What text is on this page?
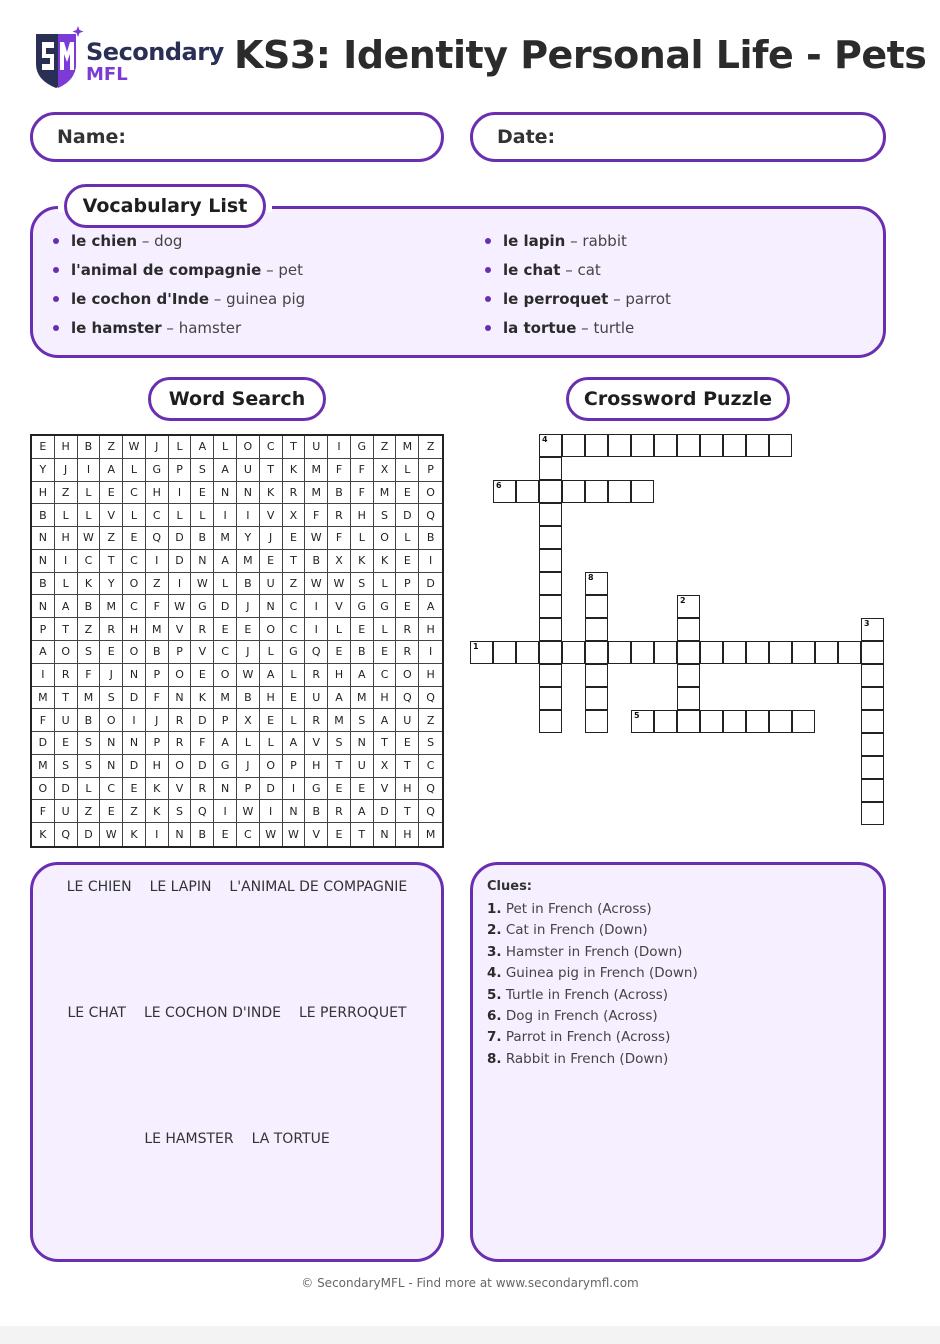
Secondary
MFL	KS3: Identity Personal Life - Pets
Name:	Date:
le chien – dog
l'animal de compagnie – pet
le cochon d'Inde – guinea pig
le hamster – hamster
le lapin – rabbit
le chat – cat
le perroquet – parrot
la tortue – turtle
Vocabulary List
Word Search
E	H	B	Z	W	J	L	A	L	O	C	T	U	I	G	Z	M	Z
Y	J	I	A	L	G	P	S	A	U	T	K	M	F	F	X	L	P
H	Z	L	E	C	H	I	E	N	N	K	R	M	B	F	M	E	O
B	L	L	V	L	C	L	L	I	I	V	X	F	R	H	S	D	Q
N	H	W	Z	E	Q	D	B	M	Y	J	E	W	F	L	O	L	B
N	I	C	T	C	I	D	N	A	M	E	T	B	X	K	K	E	I
B	L	K	Y	O	Z	I	W	L	B	U	Z	W	W	S	L	P	D
N	A	B	M	C	F	W	G	D	J	N	C	I	V	G	G	E	A
P	T	Z	R	H	M	V	R	E	E	O	C	I	L	E	L	R	H
A	O	S	E	O	B	P	V	C	J	L	G	Q	E	B	E	R	I
I	R	F	J	N	P	O	E	O	W	A	L	R	H	A	C	O	H
M	T	M	S	D	F	N	K	M	B	H	E	U	A	M	H	Q	Q
F	U	B	O	I	J	R	D	P	X	E	L	R	M	S	A	U	Z
D	E	S	N	N	P	R	F	A	L	L	A	V	S	N	T	E	S
M	S	S	N	D	H	O	D	G	J	O	P	H	T	U	X	T	C
O	D	L	C	E	K	V	R	N	P	D	I	G	E	E	V	H	Q
F	U	Z	E	Z	K	S	Q	I	W	I	N	B	R	A	D	T	Q
K	Q	D	W	K	I	N	B	E	C	W	W	V	E	T	N	H	M
Crossword Puzzle
1
2
3
4
5
6
8
LE CHIEN LE LAPIN L'ANIMAL DE COMPAGNIE
LE CHAT LE COCHON D'INDE LE PERROQUET
LE HAMSTER LA TORTUE
Clues:
1. Pet in French (Across)
2. Cat in French (Down)
3. Hamster in French (Down)
4. Guinea pig in French (Down)
5. Turtle in French (Across)
6. Dog in French (Across)
7. Parrot in French (Across)
8. Rabbit in French (Down)
© SecondaryMFL - Find more at www.secondarymfl.com
